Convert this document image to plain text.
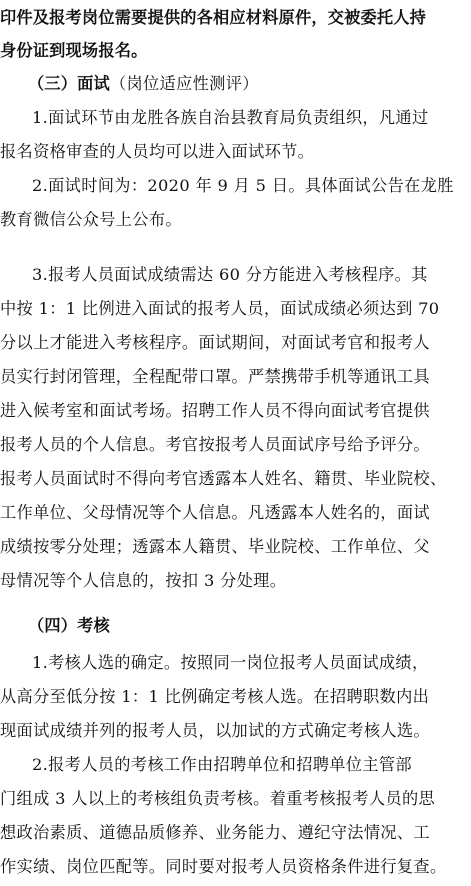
印件及报考岗位需要提供的各相应材料原件，交被委托人持
身份证到现场报名。
（三）面试（岗位适应性测评）
1.面试环节由龙胜各族自治县教育局负责组织，凡通过
报名资格审查的人员均可以进入面试环节。
2.面试时间为：2020 年 9 月 5 日。具体面试公告在龙胜
教育微信公众号上公布。
3.报考人员面试成绩需达 60 分方能进入考核程序。其
中按 1：1 比例进入面试的报考人员，面试成绩必须达到 70
分以上才能进入考核程序。面试期间，对面试考官和报考人
员实行封闭管理，全程配带口罩。严禁携带手机等通讯工具
进入候考室和面试考场。招聘工作人员不得向面试考官提供
报考人员的个人信息。考官按报考人员面试序号给予评分。
报考人员面试时不得向考官透露本人姓名、籍贯、毕业院校、
工作单位、父母情况等个人信息。凡透露本人姓名的，面试
成绩按零分处理；透露本人籍贯、毕业院校、工作单位、父
母情况等个人信息的，按扣 3 分处理。
（四）考核
1.考核人选的确定。按照同一岗位报考人员面试成绩，
从高分至低分按 1：1 比例确定考核人选。在招聘职数内出
现面试成绩并列的报考人员，以加试的方式确定考核人选。
2.报考人员的考核工作由招聘单位和招聘单位主管部
门组成 3 人以上的考核组负责考核。着重考核报考人员的思
想政治素质、道德品质修养、业务能力、遵纪守法情况、工
作实绩、岗位匹配等。同时要对报考人员资格条件进行复查。
